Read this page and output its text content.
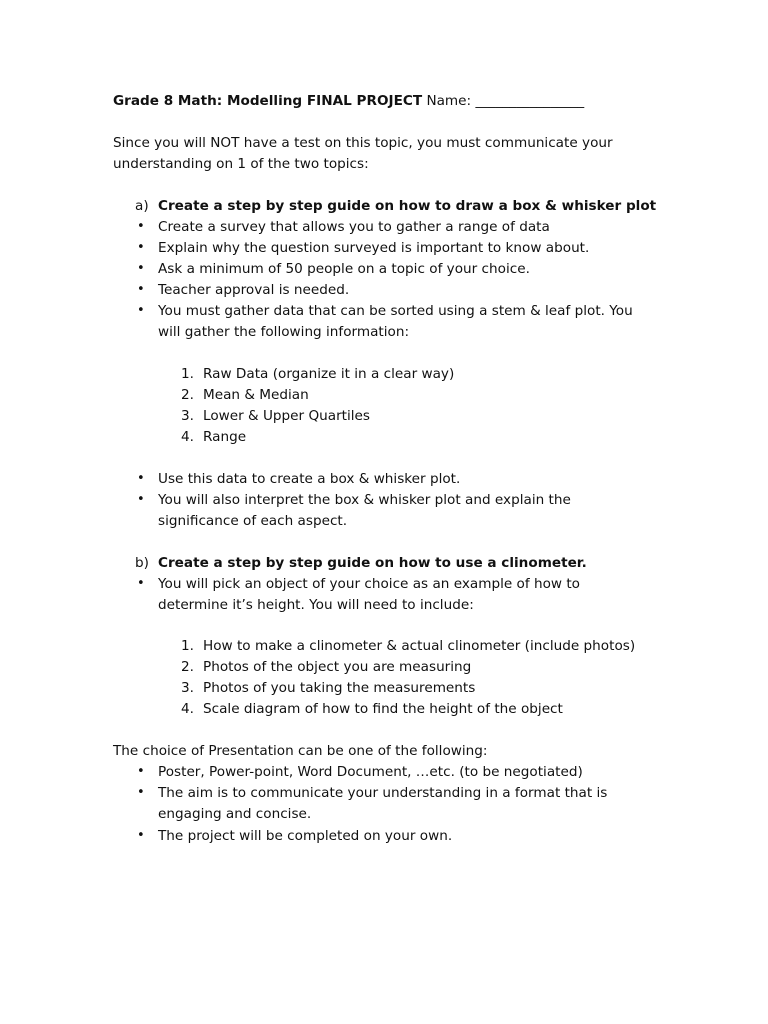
Grade 8 Math: Modelling FINAL PROJECT Name: ________________
Since you will NOT have a test on this topic, you must communicate your
understanding on 1 of the two topics:
a) Create a step by step guide on how to draw a box & whisker plot
• Create a survey that allows you to gather a range of data
• Explain why the question surveyed is important to know about.
• Ask a minimum of 50 people on a topic of your choice.
• Teacher approval is needed.
• You must gather data that can be sorted using a stem & leaf plot. You
will gather the following information:
1. Raw Data (organize it in a clear way)
2. Mean & Median
3. Lower & Upper Quartiles
4. Range
• Use this data to create a box & whisker plot.
• You will also interpret the box & whisker plot and explain the
significance of each aspect.
b) Create a step by step guide on how to use a clinometer.
• You will pick an object of your choice as an example of how to
determine it’s height. You will need to include:
1. How to make a clinometer & actual clinometer (include photos)
2. Photos of the object you are measuring
3. Photos of you taking the measurements
4. Scale diagram of how to find the height of the object
The choice of Presentation can be one of the following:
• Poster, Power-point, Word Document, …etc. (to be negotiated)
• The aim is to communicate your understanding in a format that is
engaging and concise.
• The project will be completed on your own.
